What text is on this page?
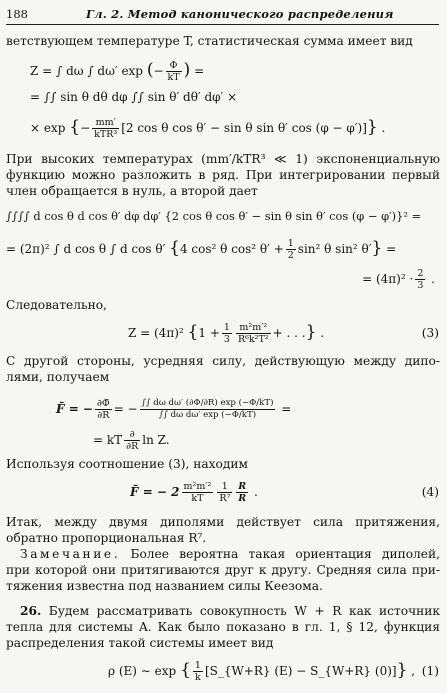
188	Гл. 2. Метод канонического распределения
ветствующем температуре T, статистическая сумма имеет вид
Z = ∫ dω ∫ dω′ exp (− $\frac{\Phi}{kT}$ ) =
= ∫∫ sin θ dθ dφ ∫∫ sin θ′ dθ′ dφ′ ×
× exp {− $\frac{mm'}{\text{kTR³}} [2$ cos θ cos θ′ − sin θ sin θ′ cos (φ − φ′)]} .
При высоких температурах (mm′/kTR³ ≪ 1) экспоненциальную
функцию можно разложить в ряд. При интегрировании первый
член обращается в нуль, а второй дает
∫∫∫∫ d cos θ d cos θ′ dφ dφ′ {2 cos θ cos θ′ − sin θ sin θ′ cos (φ − φ′)}² =
= (2π)² ∫ d cos θ ∫ d cos θ′ {4 cos² θ cos² $\theta' + \frac{1}{2} \sin^2$ θ sin² θ′} =
= $(4\pi)^2 \cdot \frac{2}{3}$ .
Следовательно,
Z = (4π)² {$1 + \frac{1}{3} \frac{\text{m²m′²}}{\text{R⁶k²T²}}$ + . . .} .	(3)
С другой стороны, усредняя силу, действующую между дипо-
лями, получаем
F̄ = − $\frac{\partial\Phī}{\partial R}$ = − $\frac{\text{∫∫ dω dω′ (∂Φ/∂R) exp (−Φ/kT)}}{\text{∫∫ dω dω′ exp (−Φ/kT)}}$ =
= kT $\frac{\partial}{\partial R}$ ln Z.
Используя соотношение (3), находим
F̄ = − $2 \frac{\text{m²m′²}}{kT} \frac{1}{\text{R⁷}} \frac{R}{R}$ .	(4)
Итак, между двумя диполями действует сила притяжения,
обратно пропорциональная R⁷.
Замечание. Более вероятна такая ориентация диполей,
при которой они притягиваются друг к другу. Средняя сила при-
тяжения известна под названием силы Кеезома.
26. Будем рассматривать совокупность W + R как источник
тепла для системы A. Как было показано в гл. 1, § 12, функция
распределения такой системы имеет вид
ρ (E) ∼ exp { $\frac{1}{k}$ [S_{W+R} (E) − S_{W+R} (0)]} , (1)
